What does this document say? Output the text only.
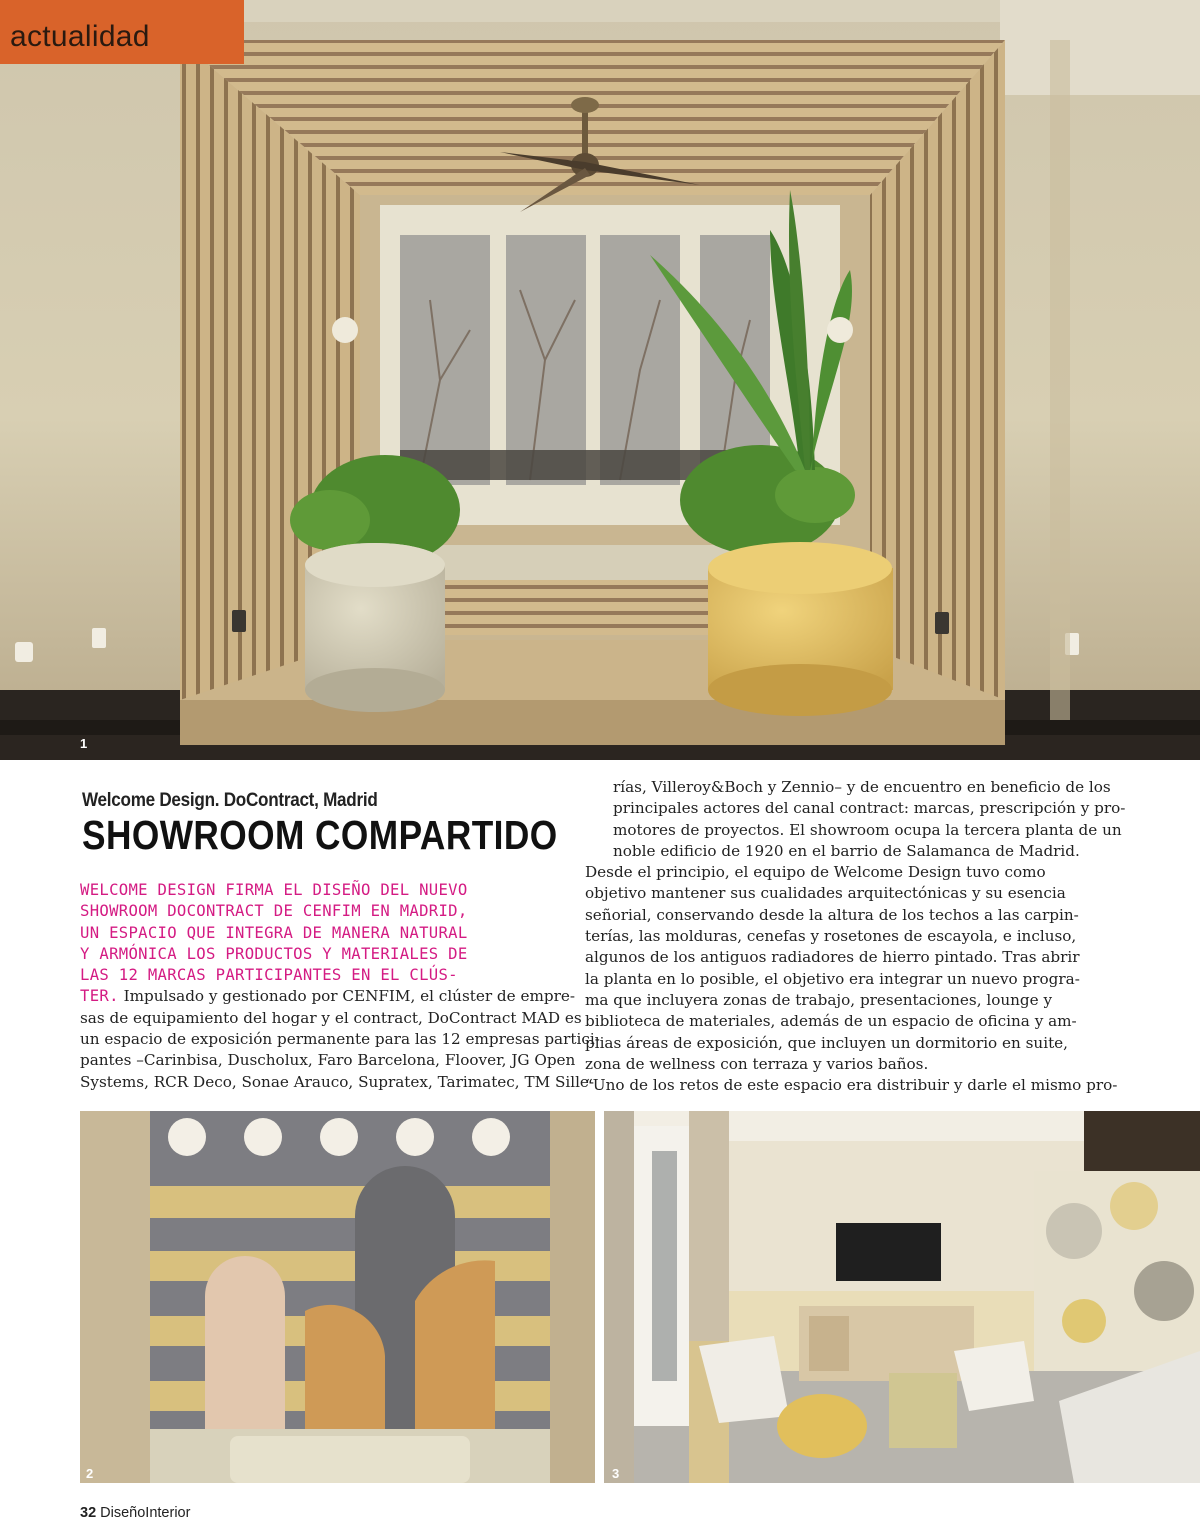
actualidad
1
Welcome Design. DoContract, Madrid
SHOWROOM COMPARTIDO
WELCOME DESIGN FIRMA EL DISEÑO DEL NUEVO
SHOWROOM DOCONTRACT DE CENFIM EN MADRID,
UN ESPACIO QUE INTEGRA DE MANERA NATURAL
Y ARMÓNICA LOS PRODUCTOS Y MATERIALES DE
LAS 12 MARCAS PARTICIPANTES EN EL CLÚS-
TER. Impulsado y gestionado por CENFIM, el clúster de empre-
sas de equipamiento del hogar y el contract, DoContract MAD es
un espacio de exposición permanente para las 12 empresas partici-
pantes –Carinbisa, Duscholux, Faro Barcelona, Floover, JG Open
Systems, RCR Deco, Sonae Arauco, Supratex, Tarimatec, TM Sille-
rías, Villeroy&Boch y Zennio– y de encuentro en beneficio de los
principales actores del canal contract: marcas, prescripción y pro-
motores de proyectos. El showroom ocupa la tercera planta de un
noble edificio de 1920 en el barrio de Salamanca de Madrid.
Desde el principio, el equipo de Welcome Design tuvo como
objetivo mantener sus cualidades arquitectónicas y su esencia
señorial, conservando desde la altura de los techos a las carpin-
terías, las molduras, cenefas y rosetones de escayola, e incluso,
algunos de los antiguos radiadores de hierro pintado. Tras abrir
la planta en lo posible, el objetivo era integrar un nuevo progra-
ma que incluyera zonas de trabajo, presentaciones, lounge y
biblioteca de materiales, además de un espacio de oficina y am-
plias áreas de exposición, que incluyen un dormitorio en suite,
zona de wellness con terraza y varios baños.
“Uno de los retos de este espacio era distribuir y darle el mismo pro-
2	3
32 DiseñoInterior
